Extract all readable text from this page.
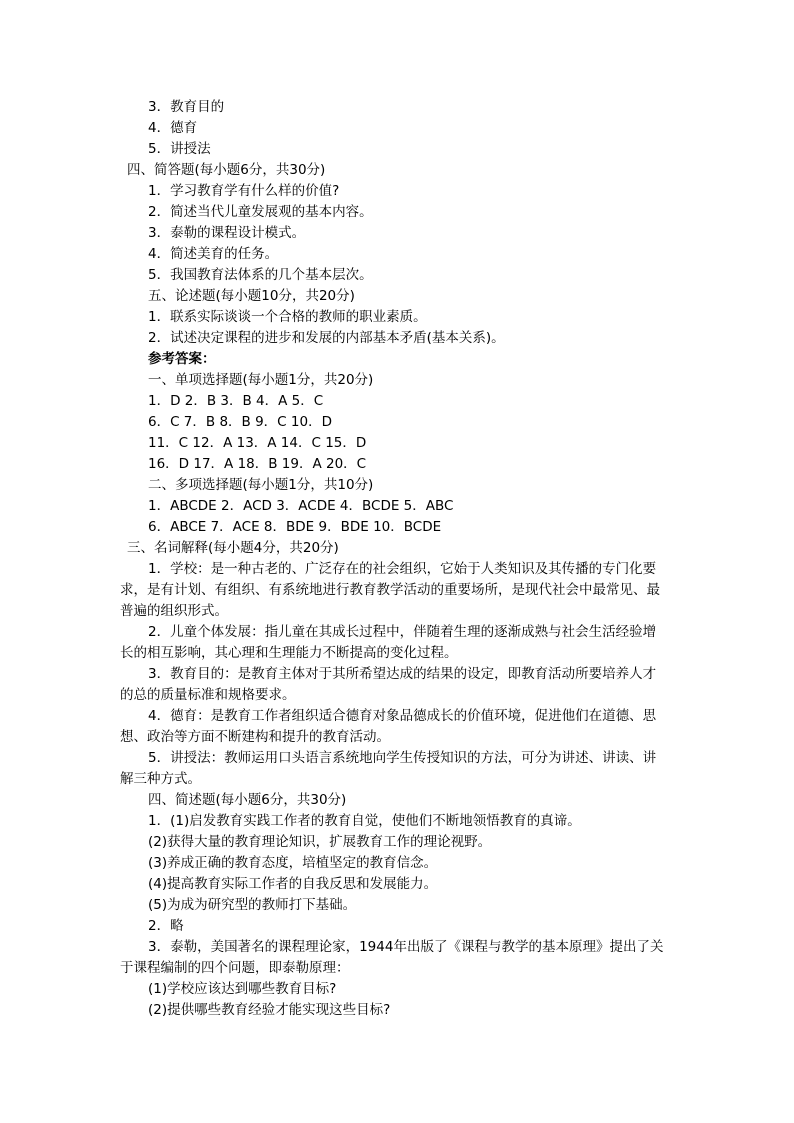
3．教育目的
4．德育
5．讲授法
四、简答题(每小题6分，共30分)
1．学习教育学有什么样的价值?
2．简述当代儿童发展观的基本内容。
3．泰勒的课程设计模式。
4．简述美育的任务。
5．我国教育法体系的几个基本层次。
五、论述题(每小题10分，共20分)
1．联系实际谈谈一个合格的教师的职业素质。
2．试述决定课程的进步和发展的内部基本矛盾(基本关系)。
参考答案：
一、单项选择题(每小题1分，共20分)
1．D 2．B 3．B 4．A 5．C
6．C 7．B 8．B 9．C 10．D
11．C 12．A 13．A 14．C 15．D
16．D 17．A 18．B 19．A 20．C
二、多项选择题(每小题1分，共10分)
1．ABCDE 2．ACD 3．ACDE 4．BCDE 5．ABC
6．ABCE 7．ACE 8．BDE 9．BDE 10．BCDE
三、名词解释(每小题4分，共20分)
1．学校：是一种古老的、广泛存在的社会组织，它始于人类知识及其传播的专门化要
求，是有计划、有组织、有系统地进行教育教学活动的重要场所，是现代社会中最常见、最
普遍的组织形式。
2．儿童个体发展：指儿童在其成长过程中，伴随着生理的逐渐成熟与社会生活经验增
长的相互影响，其心理和生理能力不断提高的变化过程。
3．教育目的：是教育主体对于其所希望达成的结果的设定，即教育活动所要培养人才
的总的质量标准和规格要求。
4．德育：是教育工作者组织适合德育对象品德成长的价值环境，促进他们在道德、思
想、政治等方面不断建构和提升的教育活动。
5．讲授法：教师运用口头语言系统地向学生传授知识的方法，可分为讲述、讲读、讲
解三种方式。
四、简述题(每小题6分，共30分)
1．(1)启发教育实践工作者的教育自觉，使他们不断地领悟教育的真谛。
(2)获得大量的教育理论知识，扩展教育工作的理论视野。
(3)养成正确的教育态度，培植坚定的教育信念。
(4)提高教育实际工作者的自我反思和发展能力。
(5)为成为研究型的教师打下基础。
2．略
3．泰勒，美国著名的课程理论家，1944年出版了《课程与教学的基本原理》提出了关
于课程编制的四个问题，即泰勒原理：
(1)学校应该达到哪些教育目标?
(2)提供哪些教育经验才能实现这些目标?
